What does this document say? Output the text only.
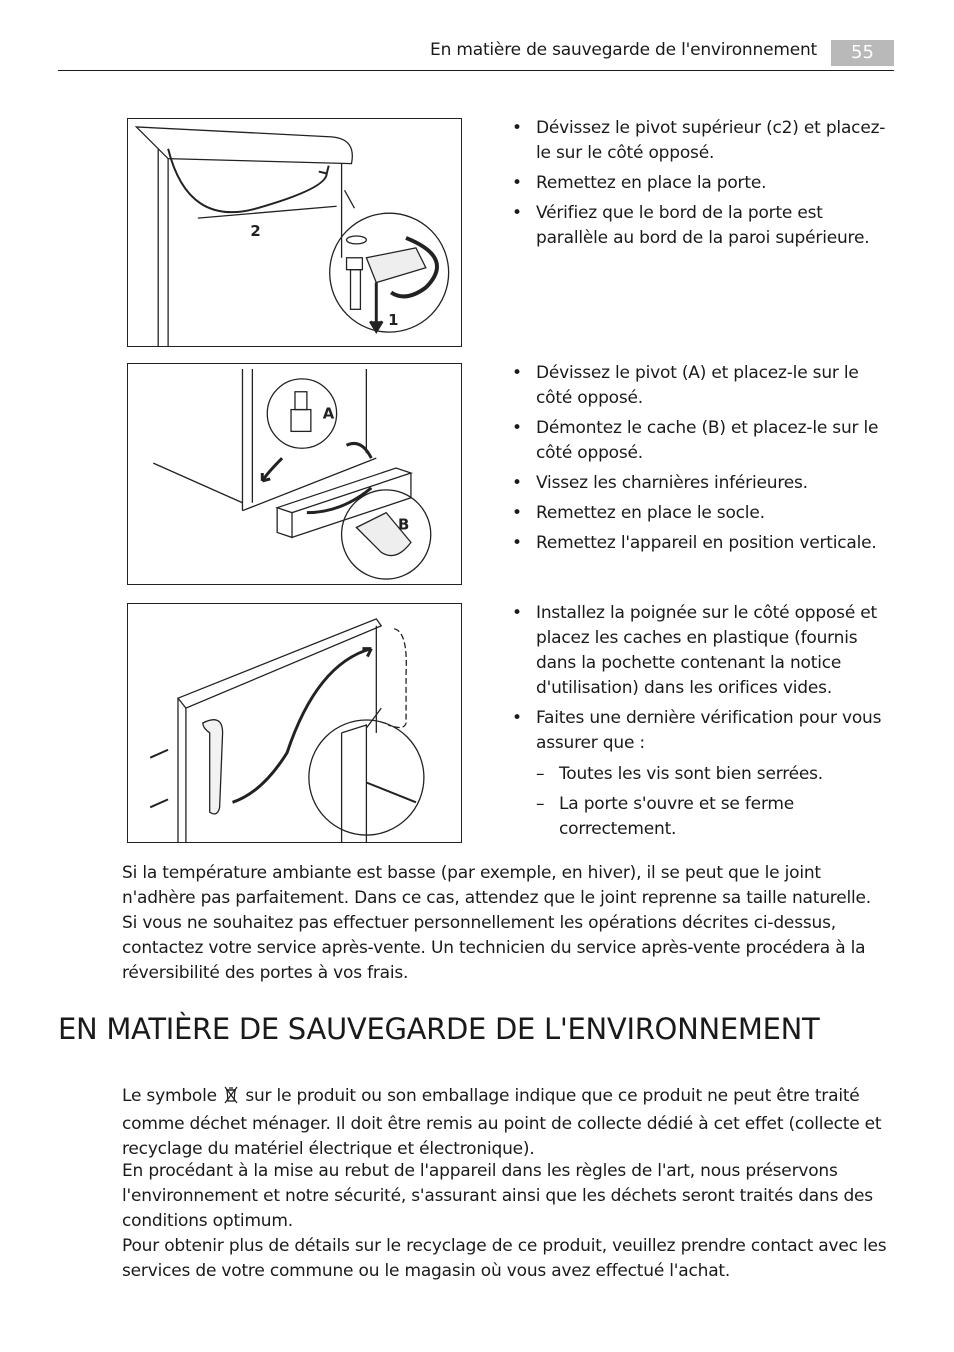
En matière de sauvegarde de l'environnement	55
2
1
• Dévissez le pivot supérieur (c2) et placez-le sur le côté opposé.
• Remettez en place la porte.
• Vérifiez que le bord de la porte est parallèle au bord de la paroi supérieure.
A
B
• Dévissez le pivot (A) et placez-le sur le côté opposé.
• Démontez le cache (B) et placez-le sur le côté opposé.
• Vissez les charnières inférieures.
• Remettez en place le socle.
• Remettez l'appareil en position verticale.
• Installez la poignée sur le côté opposé et placez les caches en plastique (fournis dans la pochette contenant la notice d'utilisation) dans les orifices vides.
• Faites une dernière vérification pour vous assurer que :
– Toutes les vis sont bien serrées.
– La porte s'ouvre et se ferme correctement.

Si la température ambiante est basse (par exemple, en hiver), il se peut que le joint n'adhère pas parfaitement. Dans ce cas, attendez que le joint reprenne sa taille naturelle.

Si vous ne souhaitez pas effectuer personnellement les opérations décrites ci-dessus, contactez votre service après-vente. Un technicien du service après-vente procédera à la réversibilité des portes à vos frais.

EN MATIÈRE DE SAUVEGARDE DE L'ENVIRONNEMENT

Le symbole sur le produit ou son emballage indique que ce produit ne peut être traité comme déchet ménager. Il doit être remis au point de collecte dédié à cet effet (collecte et recyclage du matériel électrique et électronique).

En procédant à la mise au rebut de l'appareil dans les règles de l'art, nous préservons l'environnement et notre sécurité, s'assurant ainsi que les déchets seront traités dans des conditions optimum.

Pour obtenir plus de détails sur le recyclage de ce produit, veuillez prendre contact avec les services de votre commune ou le magasin où vous avez effectué l'achat.
